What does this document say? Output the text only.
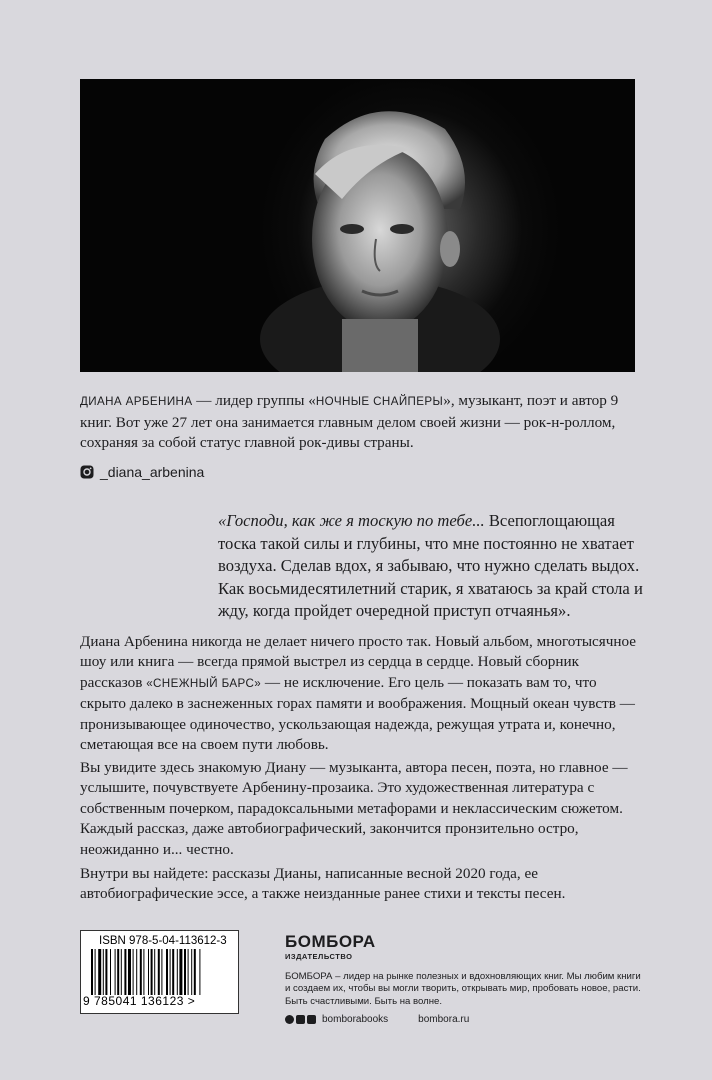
ДИАНА АРБЕНИНА — лидер группы «НОЧНЫЕ СНАЙПЕРЫ», музыкант, поэт и автор 9 книг. Вот уже 27 лет она занимается главным делом своей жизни — рок-н-роллом, сохраняя за собой статус главной рок-дивы страны.
_diana_arbenina
«Господи, как же я тоскую по тебе... Всепоглощающая тоска такой силы и глубины, что мне постоянно не хватает воздуха. Сделав вдох, я забываю, что нужно сделать выдох. Как восьмидесятилетний старик, я хватаюсь за край стола и жду, когда пройдет очередной приступ отчаянья».
Диана Арбенина никогда не делает ничего просто так. Новый альбом, многотысячное шоу или книга — всегда прямой выстрел из сердца в сердце. Новый сборник рассказов «СНЕЖНЫЙ БАРС» — не исключение. Его цель — показать вам то, что скрыто далеко в заснеженных горах памяти и воображения. Мощный океан чувств — пронизывающее одиночество, ускользающая надежда, режущая утрата и, конечно, сметающая все на своем пути любовь.
Вы увидите здесь знакомую Диану — музыканта, автора песен, поэта, но главное — услышите, почувствуете Арбенину-прозаика. Это художественная литература с собственным почерком, парадоксальными метафорами и неклассическим сюжетом. Каждый рассказ, даже автобиографический, закончится пронзительно остро, неожиданно и... честно.
Внутри вы найдете: рассказы Дианы, написанные весной 2020 года, ее автобиографические эссе, а также неизданные ранее стихи и тексты песен.
ISBN 978-5-04-113612-3
9 785041 136123 >
БОМБОРА
ИЗДАТЕЛЬСТВО
БОМБОРА – лидер на рынке полезных и вдохновляющих книг. Мы любим книги и создаем их, чтобы вы могли творить, открывать мир, пробовать новое, расти. Быть счастливыми. Быть на волне.
bomborabooks	bombora.ru
